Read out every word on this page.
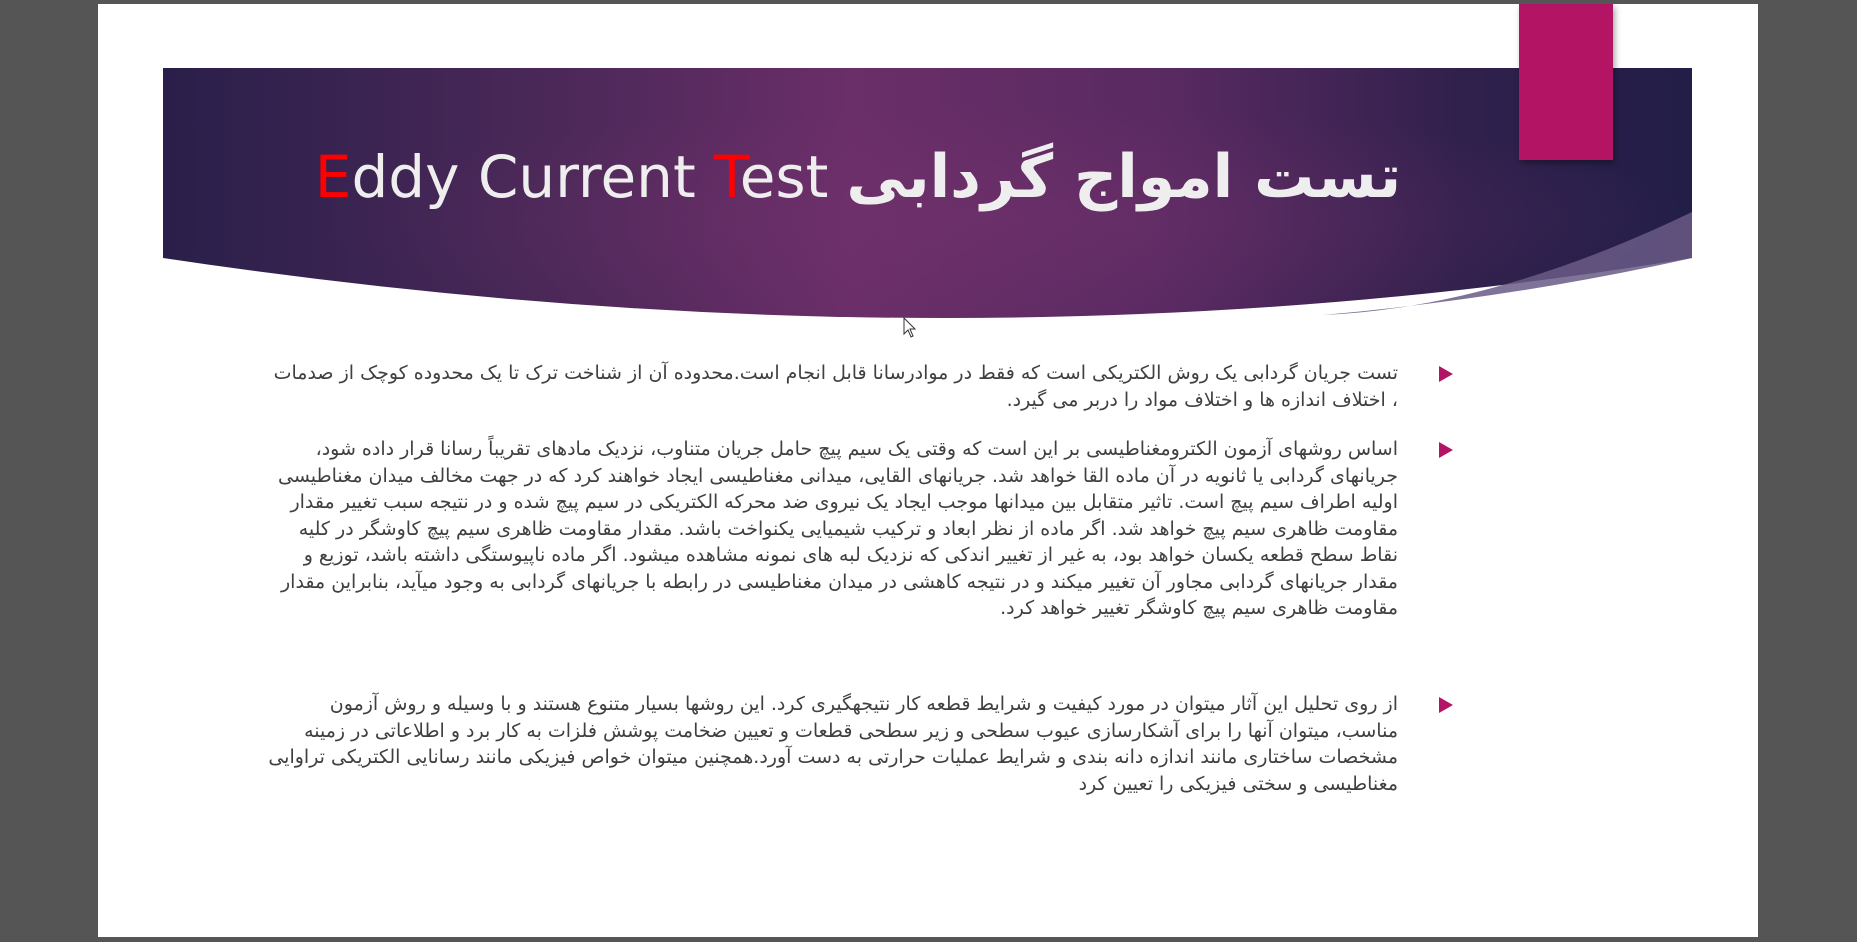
Eddy Current Test تست امواج گردابی
تست جریان گردابی یک روش الکتریکی است که فقط در موادرسانا قابل انجام است.محدوده آن از شناخت ترک تا یک محدوده کوچک از صدمات ، اختلاف اندازه ها و اختلاف مواد را دربر می گیرد.
اساس روشهای آزمون الکترومغناطیسی بر این است که وقتی یک سیم پیچ حامل جریان متناوب، نزدیک مادهای تقریباً رسانا قرار داده شود، جریانهای گردابی یا ثانویه در آن ماده القا خواهد شد. جریانهای القایی، میدانی مغناطیسی ایجاد خواهند کرد که در جهت مخالف میدان مغناطیسی اولیه اطراف سیم پیچ است. تاثیر متقابل بین میدانها موجب ایجاد یک نیروی ضد محرکه الکتریکی در سیم پیچ شده و در نتیجه سبب تغییر مقدار مقاومت ظاهری سیم پیچ خواهد شد. اگر ماده از نظر ابعاد و ترکیب شیمیایی یکنواخت باشد. مقدار مقاومت ظاهری سیم پیچ کاوشگر در کلیه نقاط سطح قطعه یکسان خواهد بود، به غیر از تغییر اندکی که نزدیک لبه های نمونه مشاهده میشود. اگر ماده ناپیوستگی داشته باشد، توزیع و مقدار جریانهای گردابی مجاور آن تغییر میکند و در نتیجه کاهشی در میدان مغناطیسی در رابطه با جریانهای گردابی به وجود میآید، بنابراین مقدار مقاومت ظاهری سیم پیچ کاوشگر تغییر خواهد کرد.
از روی تحلیل این آثار میتوان در مورد کیفیت و شرایط قطعه کار نتیجهگیری کرد. این روشها بسیار متنوع هستند و با وسیله و روش آزمون مناسب، میتوان آنها را برای آشکارسازی عیوب سطحی و زیر سطحی قطعات و تعیین ضخامت پوشش فلزات به کار برد و اطلاعاتی در زمینه مشخصات ساختاری مانند اندازه دانه بندی و شرایط عملیات حرارتی به دست آورد.همچنین میتوان خواص فیزیکی مانند رسانایی الکتریکی تراوایی مغناطیسی و سختی فیزیکی را تعیین کرد
